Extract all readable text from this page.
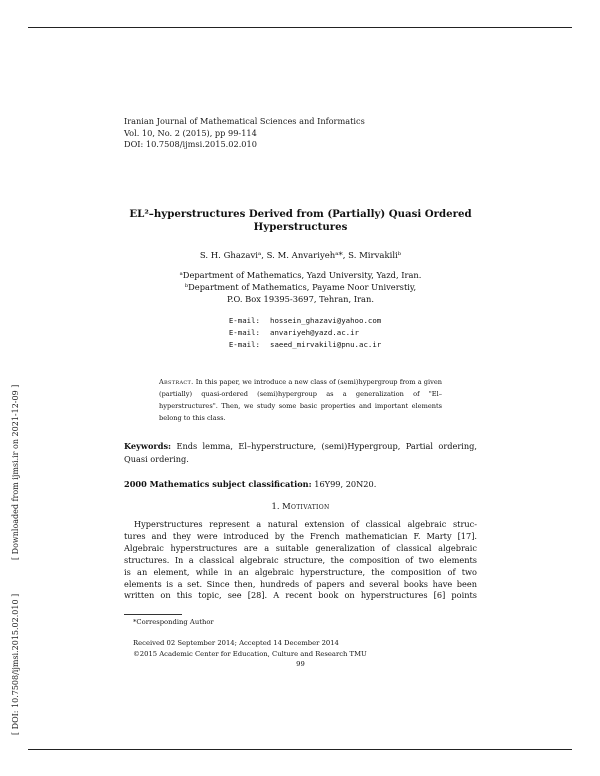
[ Downloaded from ijmsi.ir on 2021-12-09 ]
[ DOI: 10.7508/ijmsi.2015.02.010 ]
Iranian Journal of Mathematical Sciences and Informatics
Vol. 10, No. 2 (2015), pp 99-114
DOI: 10.7508/ijmsi.2015.02.010
EL²–hyperstructures Derived from (Partially) Quasi Ordered
Hyperstructures
S. H. Ghazaviᵃ, S. M. Anvariyehᵃ*, S. Mirvakiliᵇ
ᵃDepartment of Mathematics, Yazd University, Yazd, Iran.
ᵇDepartment of Mathematics, Payame Noor Universtiy,
P.O. Box 19395-3697, Tehran, Iran.
E-mail:	hossein_ghazavi@yahoo.com
E-mail:	anvariyeh@yazd.ac.ir
E-mail:	saeed_mirvakili@pnu.ac.ir
Abstract. In this paper, we introduce a new class of (semi)hypergroup from a given (partially) quasi-ordered (semi)hypergroup as a generalization of "El–hyperstructures". Then, we study some basic properties and important elements belong to this class.
Keywords: Ends lemma, El–hyperstructure, (semi)Hypergroup, Partial ordering, Quasi ordering.
2000 Mathematics subject classification: 16Y99, 20N20.
1. Motivation
Hyperstructures represent a natural extension of classical algebraic struc-
tures and they were introduced by the French mathematician F. Marty [17].
Algebraic hyperstructures are a suitable generalization of classical algebraic
structures. In a classical algebraic structure, the composition of two elements
is an element, while in an algebraic hyperstructure, the composition of two
elements is a set. Since then, hundreds of papers and several books have been
written on this topic, see [28]. A recent book on hyperstructures [6] points
*Corresponding Author
Received 02 September 2014; Accepted 14 December 2014
©2015 Academic Center for Education, Culture and Research TMU
99
